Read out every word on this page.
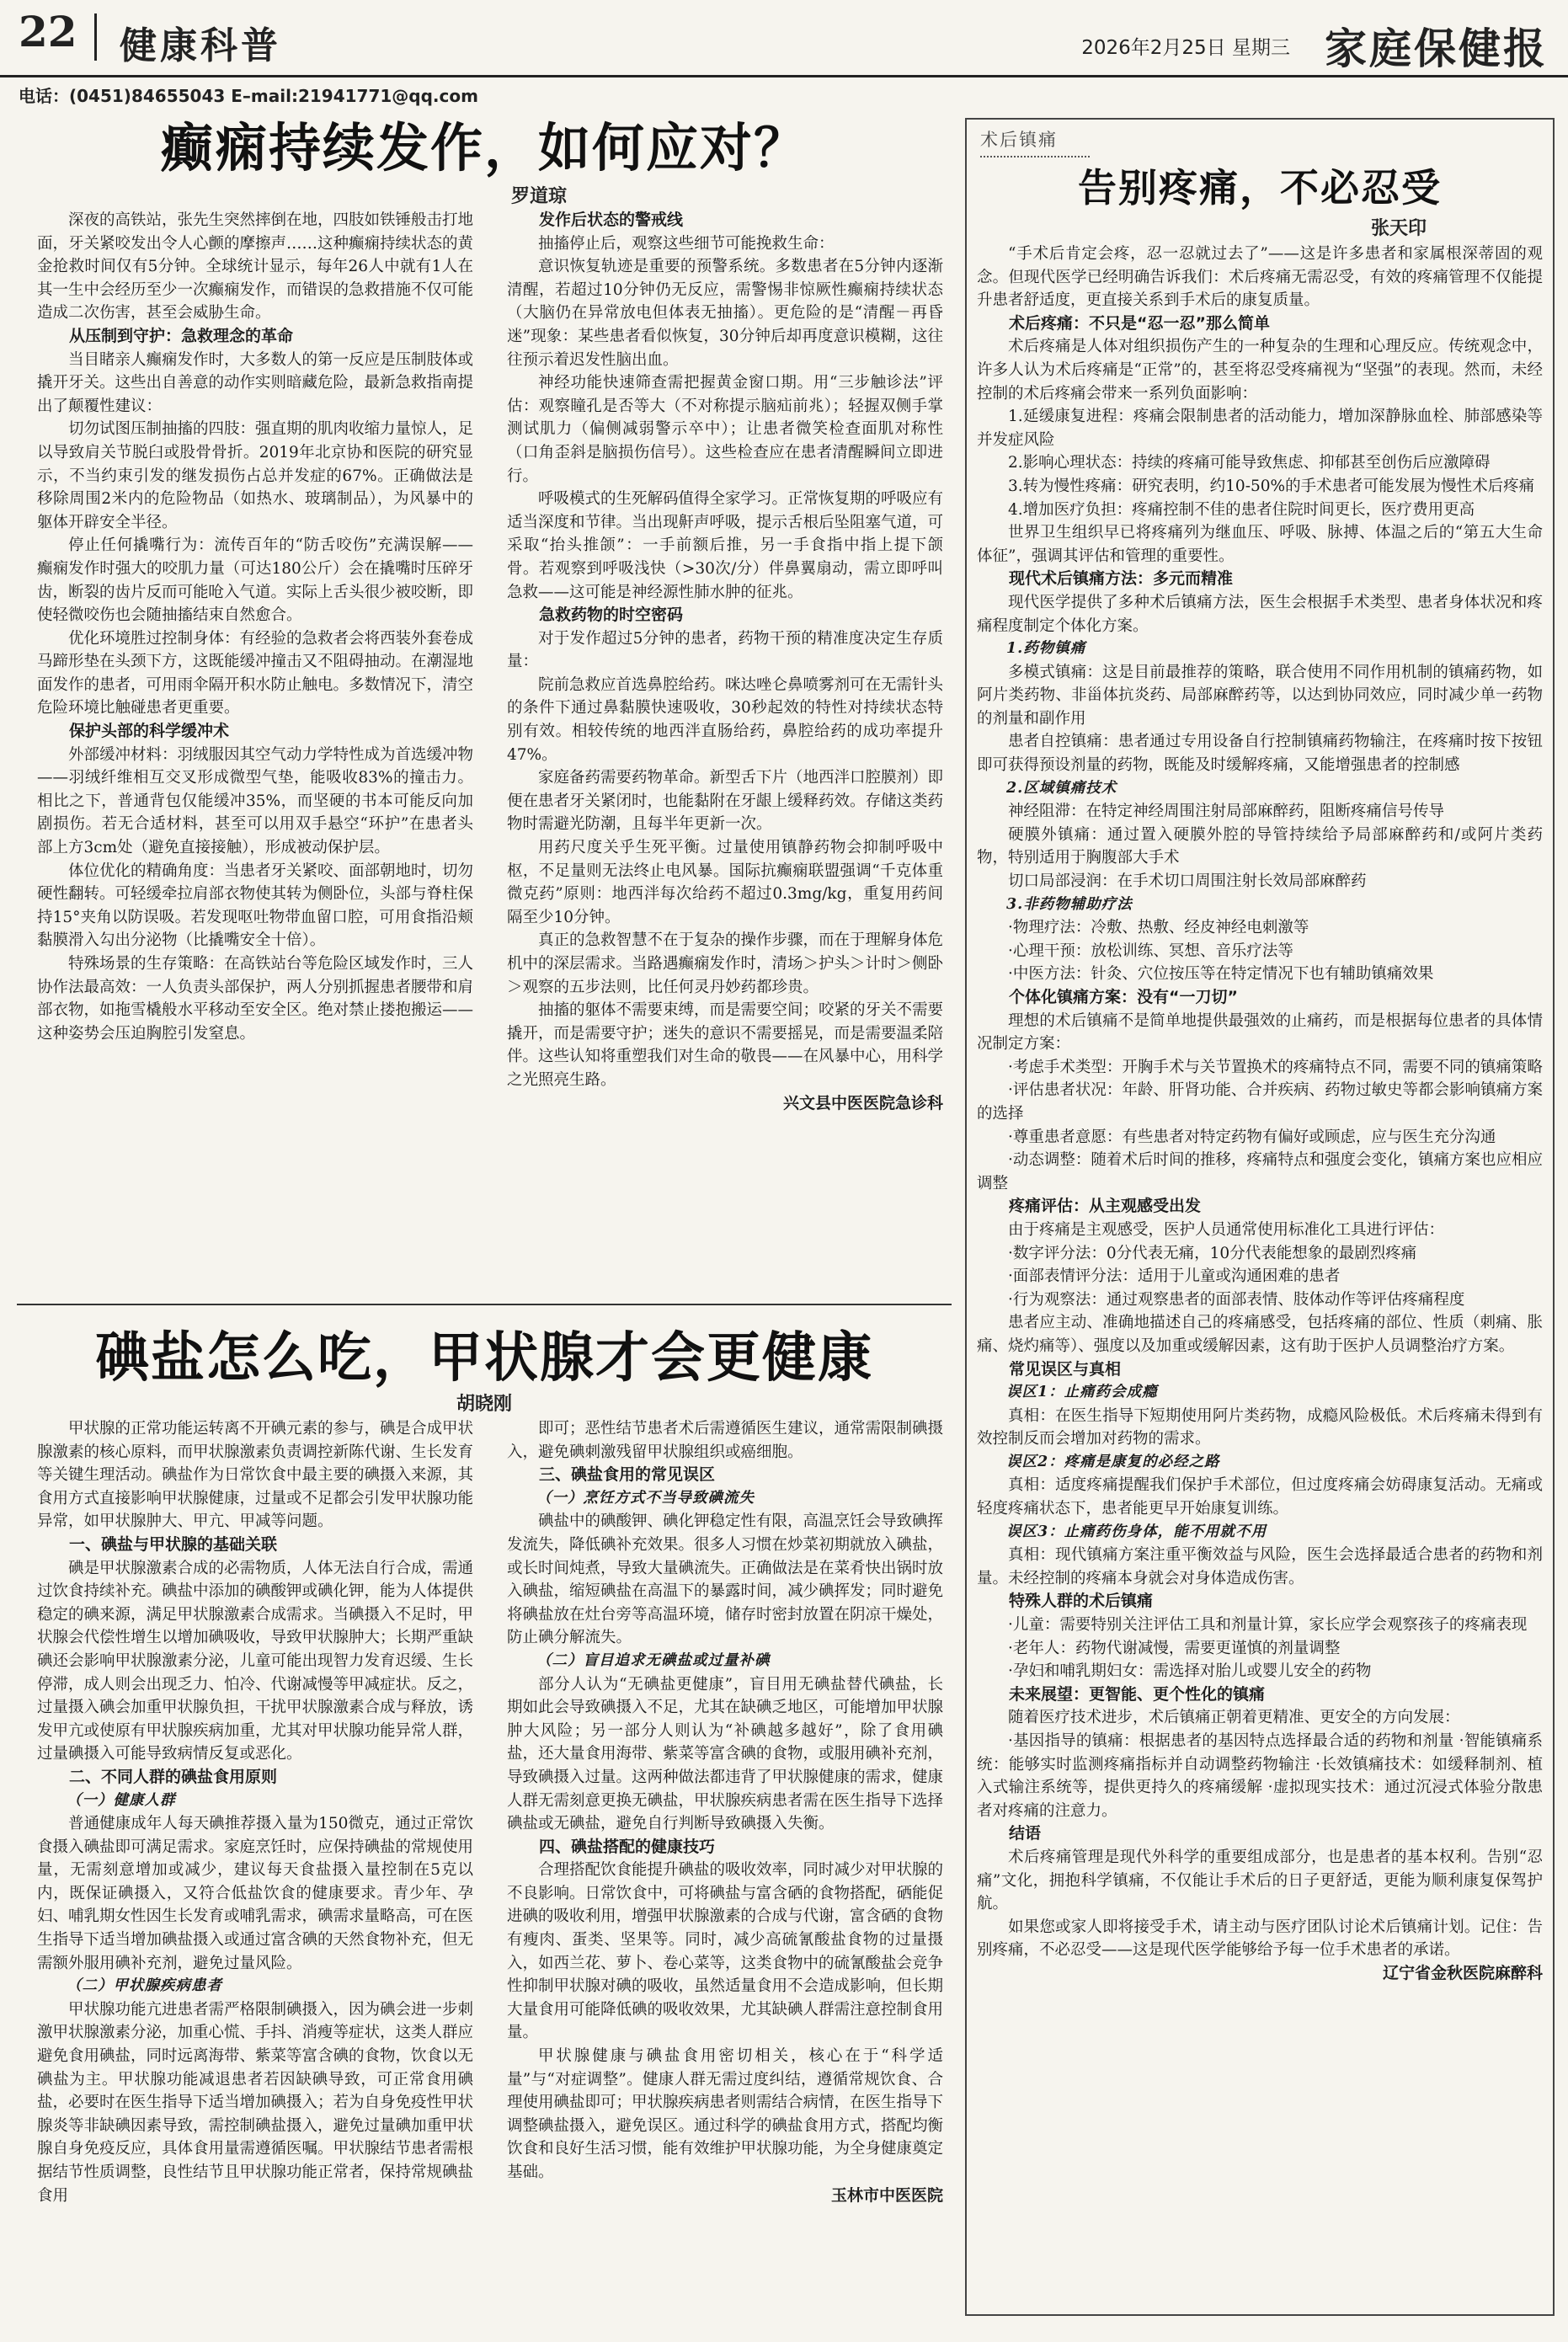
22 健康科普	2026年2月25日 星期三 家庭保健报
电话：(0451)84655043 E–mail:21941771@qq.com
癫痫持续发作，如何应对？
罗道琼

深夜的高铁站，张先生突然摔倒在地，四肢如铁锤般击打地面，牙关紧咬发出令人心颤的摩擦声……这种癫痫持续状态的黄金抢救时间仅有5分钟。全球统计显示，每年26人中就有1人在其一生中会经历至少一次癫痫发作，而错误的急救措施不仅可能造成二次伤害，甚至会威胁生命。

从压制到守护：急救理念的革命

当目睹亲人癫痫发作时，大多数人的第一反应是压制肢体或撬开牙关。这些出自善意的动作实则暗藏危险，最新急救指南提出了颠覆性建议：

切勿试图压制抽搐的四肢：强直期的肌肉收缩力量惊人，足以导致肩关节脱臼或股骨骨折。2019年北京协和医院的研究显示，不当约束引发的继发损伤占总并发症的67%。正确做法是移除周围2米内的危险物品（如热水、玻璃制品），为风暴中的躯体开辟安全半径。

停止任何撬嘴行为：流传百年的“防舌咬伤”充满误解——癫痫发作时强大的咬肌力量（可达180公斤）会在撬嘴时压碎牙齿，断裂的齿片反而可能呛入气道。实际上舌头很少被咬断，即使轻微咬伤也会随抽搐结束自然愈合。

优化环境胜过控制身体：有经验的急救者会将西装外套卷成马蹄形垫在头颈下方，这既能缓冲撞击又不阻碍抽动。在潮湿地面发作的患者，可用雨伞隔开积水防止触电。多数情况下，清空危险环境比触碰患者更重要。

保护头部的科学缓冲术

外部缓冲材料：羽绒服因其空气动力学特性成为首选缓冲物——羽绒纤维相互交叉形成微型气垫，能吸收83%的撞击力。相比之下，普通背包仅能缓冲35%，而坚硬的书本可能反向加剧损伤。若无合适材料，甚至可以用双手悬空“环护”在患者头部上方3cm处（避免直接接触），形成被动保护层。

体位优化的精确角度：当患者牙关紧咬、面部朝地时，切勿硬性翻转。可轻缓牵拉肩部衣物使其转为侧卧位，头部与脊柱保持15°夹角以防误吸。若发现呕吐物带血留口腔，可用食指沿颊黏膜滑入勾出分泌物（比撬嘴安全十倍）。

特殊场景的生存策略：在高铁站台等危险区域发作时，三人协作法最高效：一人负责头部保护，两人分别抓握患者腰带和肩部衣物，如拖雪橇般水平移动至安全区。绝对禁止搂抱搬运——这种姿势会压迫胸腔引发窒息。

发作后状态的警戒线

抽搐停止后，观察这些细节可能挽救生命：

意识恢复轨迹是重要的预警系统。多数患者在5分钟内逐渐清醒，若超过10分钟仍无反应，需警惕非惊厥性癫痫持续状态（大脑仍在异常放电但体表无抽搐）。更危险的是“清醒－再昏迷”现象：某些患者看似恢复，30分钟后却再度意识模糊，这往往预示着迟发性脑出血。

神经功能快速筛查需把握黄金窗口期。用“三步触诊法”评估：观察瞳孔是否等大（不对称提示脑疝前兆）；轻握双侧手掌测试肌力（偏侧减弱警示卒中）；让患者微笑检查面肌对称性（口角歪斜是脑损伤信号）。这些检查应在患者清醒瞬间立即进行。

呼吸模式的生死解码值得全家学习。正常恢复期的呼吸应有适当深度和节律。当出现鼾声呼吸，提示舌根后坠阻塞气道，可采取“抬头推颌”：一手前额后推，另一手食指中指上提下颌骨。若观察到呼吸浅快（>30次/分）伴鼻翼扇动，需立即呼叫急救——这可能是神经源性肺水肿的征兆。

急救药物的时空密码

对于发作超过5分钟的患者，药物干预的精准度决定生存质量：

院前急救应首选鼻腔给药。咪达唑仑鼻喷雾剂可在无需针头的条件下通过鼻黏膜快速吸收，30秒起效的特性对持续状态特别有效。相较传统的地西泮直肠给药，鼻腔给药的成功率提升47%。

家庭备药需要药物革命。新型舌下片（地西泮口腔膜剂）即便在患者牙关紧闭时，也能黏附在牙龈上缓释药效。存储这类药物时需避光防潮，且每半年更新一次。

用药尺度关乎生死平衡。过量使用镇静药物会抑制呼吸中枢，不足量则无法终止电风暴。国际抗癫痫联盟强调“千克体重微克药”原则：地西泮每次给药不超过0.3mg/kg，重复用药间隔至少10分钟。

真正的急救智慧不在于复杂的操作步骤，而在于理解身体危机中的深层需求。当路遇癫痫发作时，清场＞护头＞计时＞侧卧＞观察的五步法则，比任何灵丹妙药都珍贵。

抽搐的躯体不需要束缚，而是需要空间；咬紧的牙关不需要撬开，而是需要守护；迷失的意识不需要摇晃，而是需要温柔陪伴。这些认知将重塑我们对生命的敬畏——在风暴中心，用科学之光照亮生路。

兴文县中医医院急诊科

碘盐怎么吃，甲状腺才会更健康
胡晓刚

甲状腺的正常功能运转离不开碘元素的参与，碘是合成甲状腺激素的核心原料，而甲状腺激素负责调控新陈代谢、生长发育等关键生理活动。碘盐作为日常饮食中最主要的碘摄入来源，其食用方式直接影响甲状腺健康，过量或不足都会引发甲状腺功能异常，如甲状腺肿大、甲亢、甲减等问题。

一、碘盐与甲状腺的基础关联

碘是甲状腺激素合成的必需物质，人体无法自行合成，需通过饮食持续补充。碘盐中添加的碘酸钾或碘化钾，能为人体提供稳定的碘来源，满足甲状腺激素合成需求。当碘摄入不足时，甲状腺会代偿性增生以增加碘吸收，导致甲状腺肿大；长期严重缺碘还会影响甲状腺激素分泌，儿童可能出现智力发育迟缓、生长停滞，成人则会出现乏力、怕冷、代谢减慢等甲减症状。反之，过量摄入碘会加重甲状腺负担，干扰甲状腺激素合成与释放，诱发甲亢或使原有甲状腺疾病加重，尤其对甲状腺功能异常人群，过量碘摄入可能导致病情反复或恶化。

二、不同人群的碘盐食用原则

（一）健康人群

普通健康成年人每天碘推荐摄入量为150微克，通过正常饮食摄入碘盐即可满足需求。家庭烹饪时，应保持碘盐的常规使用量，无需刻意增加或减少，建议每天食盐摄入量控制在5克以内，既保证碘摄入，又符合低盐饮食的健康要求。青少年、孕妇、哺乳期女性因生长发育或哺乳需求，碘需求量略高，可在医生指导下适当增加碘盐摄入或通过富含碘的天然食物补充，但无需额外服用碘补充剂，避免过量风险。

（二）甲状腺疾病患者

甲状腺功能亢进患者需严格限制碘摄入，因为碘会进一步刺激甲状腺激素分泌，加重心慌、手抖、消瘦等症状，这类人群应避免食用碘盐，同时远离海带、紫菜等富含碘的食物，饮食以无碘盐为主。甲状腺功能减退患者若因缺碘导致，可正常食用碘盐，必要时在医生指导下适当增加碘摄入；若为自身免疫性甲状腺炎等非缺碘因素导致，需控制碘盐摄入，避免过量碘加重甲状腺自身免疫反应，具体食用量需遵循医嘱。甲状腺结节患者需根据结节性质调整，良性结节且甲状腺功能正常者，保持常规碘盐食用

即可；恶性结节患者术后需遵循医生建议，通常需限制碘摄入，避免碘刺激残留甲状腺组织或癌细胞。

三、碘盐食用的常见误区

（一）烹饪方式不当导致碘流失

碘盐中的碘酸钾、碘化钾稳定性有限，高温烹饪会导致碘挥发流失，降低碘补充效果。很多人习惯在炒菜初期就放入碘盐，或长时间炖煮，导致大量碘流失。正确做法是在菜肴快出锅时放入碘盐，缩短碘盐在高温下的暴露时间，减少碘挥发；同时避免将碘盐放在灶台旁等高温环境，储存时密封放置在阴凉干燥处，防止碘分解流失。

（二）盲目追求无碘盐或过量补碘

部分人认为“无碘盐更健康”，盲目用无碘盐替代碘盐，长期如此会导致碘摄入不足，尤其在缺碘乏地区，可能增加甲状腺肿大风险；另一部分人则认为“补碘越多越好”，除了食用碘盐，还大量食用海带、紫菜等富含碘的食物，或服用碘补充剂，导致碘摄入过量。这两种做法都违背了甲状腺健康的需求，健康人群无需刻意更换无碘盐，甲状腺疾病患者需在医生指导下选择碘盐或无碘盐，避免自行判断导致碘摄入失衡。

四、碘盐搭配的健康技巧

合理搭配饮食能提升碘盐的吸收效率，同时减少对甲状腺的不良影响。日常饮食中，可将碘盐与富含硒的食物搭配，硒能促进碘的吸收利用，增强甲状腺激素的合成与代谢，富含硒的食物有瘦肉、蛋类、坚果等。同时，减少高硫氰酸盐食物的过量摄入，如西兰花、萝卜、卷心菜等，这类食物中的硫氰酸盐会竞争性抑制甲状腺对碘的吸收，虽然适量食用不会造成影响，但长期大量食用可能降低碘的吸收效果，尤其缺碘人群需注意控制食用量。

甲状腺健康与碘盐食用密切相关，核心在于“科学适量”与“对症调整”。健康人群无需过度纠结，遵循常规饮食、合理使用碘盐即可；甲状腺疾病患者则需结合病情，在医生指导下调整碘盐摄入，避免误区。通过科学的碘盐食用方式，搭配均衡饮食和良好生活习惯，能有效维护甲状腺功能，为全身健康奠定基础。

玉林市中医医院

术后镇痛
告别疼痛，不必忍受
张天印

“手术后肯定会疼，忍一忍就过去了”——这是许多患者和家属根深蒂固的观念。但现代医学已经明确告诉我们：术后疼痛无需忍受，有效的疼痛管理不仅能提升患者舒适度，更直接关系到手术后的康复质量。

术后疼痛：不只是“忍一忍”那么简单

术后疼痛是人体对组织损伤产生的一种复杂的生理和心理反应。传统观念中，许多人认为术后疼痛是“正常”的，甚至将忍受疼痛视为“坚强”的表现。然而，未经控制的术后疼痛会带来一系列负面影响：

1.延缓康复进程：疼痛会限制患者的活动能力，增加深静脉血栓、肺部感染等并发症风险

2.影响心理状态：持续的疼痛可能导致焦虑、抑郁甚至创伤后应激障碍

3.转为慢性疼痛：研究表明，约10-50%的手术患者可能发展为慢性术后疼痛

4.增加医疗负担：疼痛控制不佳的患者住院时间更长，医疗费用更高

世界卫生组织早已将疼痛列为继血压、呼吸、脉搏、体温之后的“第五大生命体征”，强调其评估和管理的重要性。

现代术后镇痛方法：多元而精准

现代医学提供了多种术后镇痛方法，医生会根据手术类型、患者身体状况和疼痛程度制定个体化方案。

1.药物镇痛

多模式镇痛：这是目前最推荐的策略，联合使用不同作用机制的镇痛药物，如阿片类药物、非甾体抗炎药、局部麻醉药等，以达到协同效应，同时减少单一药物的剂量和副作用

患者自控镇痛：患者通过专用设备自行控制镇痛药物输注，在疼痛时按下按钮即可获得预设剂量的药物，既能及时缓解疼痛，又能增强患者的控制感

2.区域镇痛技术

神经阻滞：在特定神经周围注射局部麻醉药，阻断疼痛信号传导

硬膜外镇痛：通过置入硬膜外腔的导管持续给予局部麻醉药和/或阿片类药物，特别适用于胸腹部大手术

切口局部浸润：在手术切口周围注射长效局部麻醉药

3.非药物辅助疗法

·物理疗法：冷敷、热敷、经皮神经电刺激等

·心理干预：放松训练、冥想、音乐疗法等

·中医方法：针灸、穴位按压等在特定情况下也有辅助镇痛效果

个体化镇痛方案：没有“一刀切”

理想的术后镇痛不是简单地提供最强效的止痛药，而是根据每位患者的具体情况制定方案：

·考虑手术类型：开胸手术与关节置换术的疼痛特点不同，需要不同的镇痛策略

·评估患者状况：年龄、肝肾功能、合并疾病、药物过敏史等都会影响镇痛方案的选择

·尊重患者意愿：有些患者对特定药物有偏好或顾虑，应与医生充分沟通

·动态调整：随着术后时间的推移，疼痛特点和强度会变化，镇痛方案也应相应调整

疼痛评估：从主观感受出发

由于疼痛是主观感受，医护人员通常使用标准化工具进行评估：

·数字评分法：0分代表无痛，10分代表能想象的最剧烈疼痛

·面部表情评分法：适用于儿童或沟通困难的患者

·行为观察法：通过观察患者的面部表情、肢体动作等评估疼痛程度

患者应主动、准确地描述自己的疼痛感受，包括疼痛的部位、性质（刺痛、胀痛、烧灼痛等）、强度以及加重或缓解因素，这有助于医护人员调整治疗方案。

常见误区与真相

误区1：止痛药会成瘾

真相：在医生指导下短期使用阿片类药物，成瘾风险极低。术后疼痛未得到有效控制反而会增加对药物的需求。

误区2：疼痛是康复的必经之路

真相：适度疼痛提醒我们保护手术部位，但过度疼痛会妨碍康复活动。无痛或轻度疼痛状态下，患者能更早开始康复训练。

误区3：止痛药伤身体，能不用就不用

真相：现代镇痛方案注重平衡效益与风险，医生会选择最适合患者的药物和剂量。未经控制的疼痛本身就会对身体造成伤害。

特殊人群的术后镇痛

·儿童：需要特别关注评估工具和剂量计算，家长应学会观察孩子的疼痛表现

·老年人：药物代谢减慢，需要更谨慎的剂量调整

·孕妇和哺乳期妇女：需选择对胎儿或婴儿安全的药物

未来展望：更智能、更个性化的镇痛

随着医疗技术进步，术后镇痛正朝着更精准、更安全的方向发展：

·基因指导的镇痛：根据患者的基因特点选择最合适的药物和剂量 ·智能镇痛系统：能够实时监测疼痛指标并自动调整药物输注 ·长效镇痛技术：如缓释制剂、植入式输注系统等，提供更持久的疼痛缓解 ·虚拟现实技术：通过沉浸式体验分散患者对疼痛的注意力。

结语

术后疼痛管理是现代外科学的重要组成部分，也是患者的基本权利。告别“忍痛”文化，拥抱科学镇痛，不仅能让手术后的日子更舒适，更能为顺利康复保驾护航。

如果您或家人即将接受手术，请主动与医疗团队讨论术后镇痛计划。记住：告别疼痛，不必忍受——这是现代医学能够给予每一位手术患者的承诺。

辽宁省金秋医院麻醉科
